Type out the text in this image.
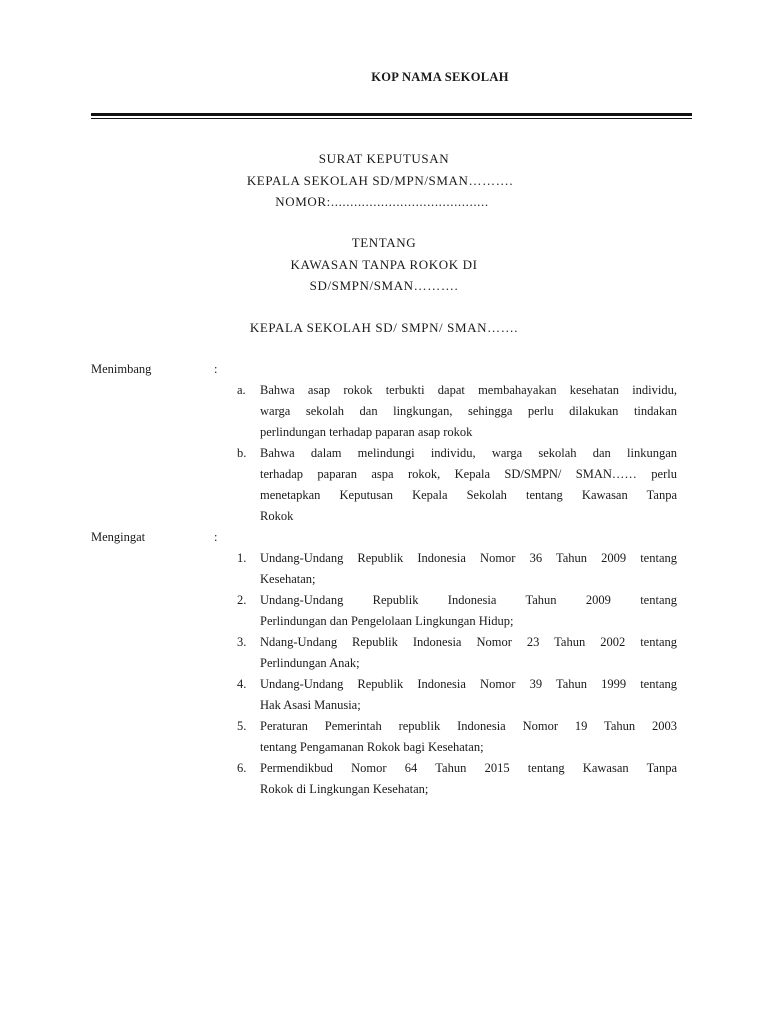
KOP NAMA SEKOLAH
SURAT KEPUTUSAN
KEPALA SEKOLAH SD/MPN/SMAN……….
NOMOR:.........................................
TENTANG
KAWASAN TANPA ROKOK DI
SD/SMPN/SMAN……….
KEPALA SEKOLAH SD/ SMPN/ SMAN…….
Menimbang	:
a. Bahwa asap rokok terbukti dapat membahayakan kesehatan individu,
warga sekolah dan lingkungan, sehingga perlu dilakukan tindakan
perlindungan terhadap paparan asap rokok
b. Bahwa dalam melindungi individu, warga sekolah dan linkungan
terhadap paparan aspa rokok, Kepala SD/SMPN/ SMAN…… perlu
menetapkan Keputusan Kepala Sekolah tentang Kawasan Tanpa
Rokok
Mengingat	:
1. Undang-Undang Republik Indonesia Nomor 36 Tahun 2009 tentang
Kesehatan;
2. Undang-Undang Republik Indonesia Tahun 2009 tentang
Perlindungan dan Pengelolaan Lingkungan Hidup;
3. Ndang-Undang Republik Indonesia Nomor 23 Tahun 2002 tentang
Perlindungan Anak;
4. Undang-Undang Republik Indonesia Nomor 39 Tahun 1999 tentang
Hak Asasi Manusia;
5. Peraturan Pemerintah republik Indonesia Nomor 19 Tahun 2003
tentang Pengamanan Rokok bagi Kesehatan;
6. Permendikbud Nomor 64 Tahun 2015 tentang Kawasan Tanpa
Rokok di Lingkungan Kesehatan;
